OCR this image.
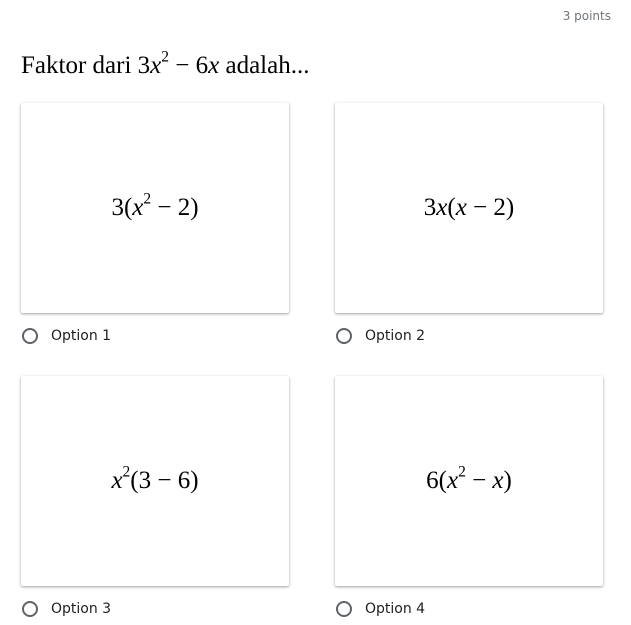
3 points
Faktor dari $3x^2 - 6x$ adalah...
$3(x^2 - 2)$
Option 1
3x(x − 2)
Option 2
$x^2(3 - 6)$
Option 3
$6(x^2 - x)$
Option 4
